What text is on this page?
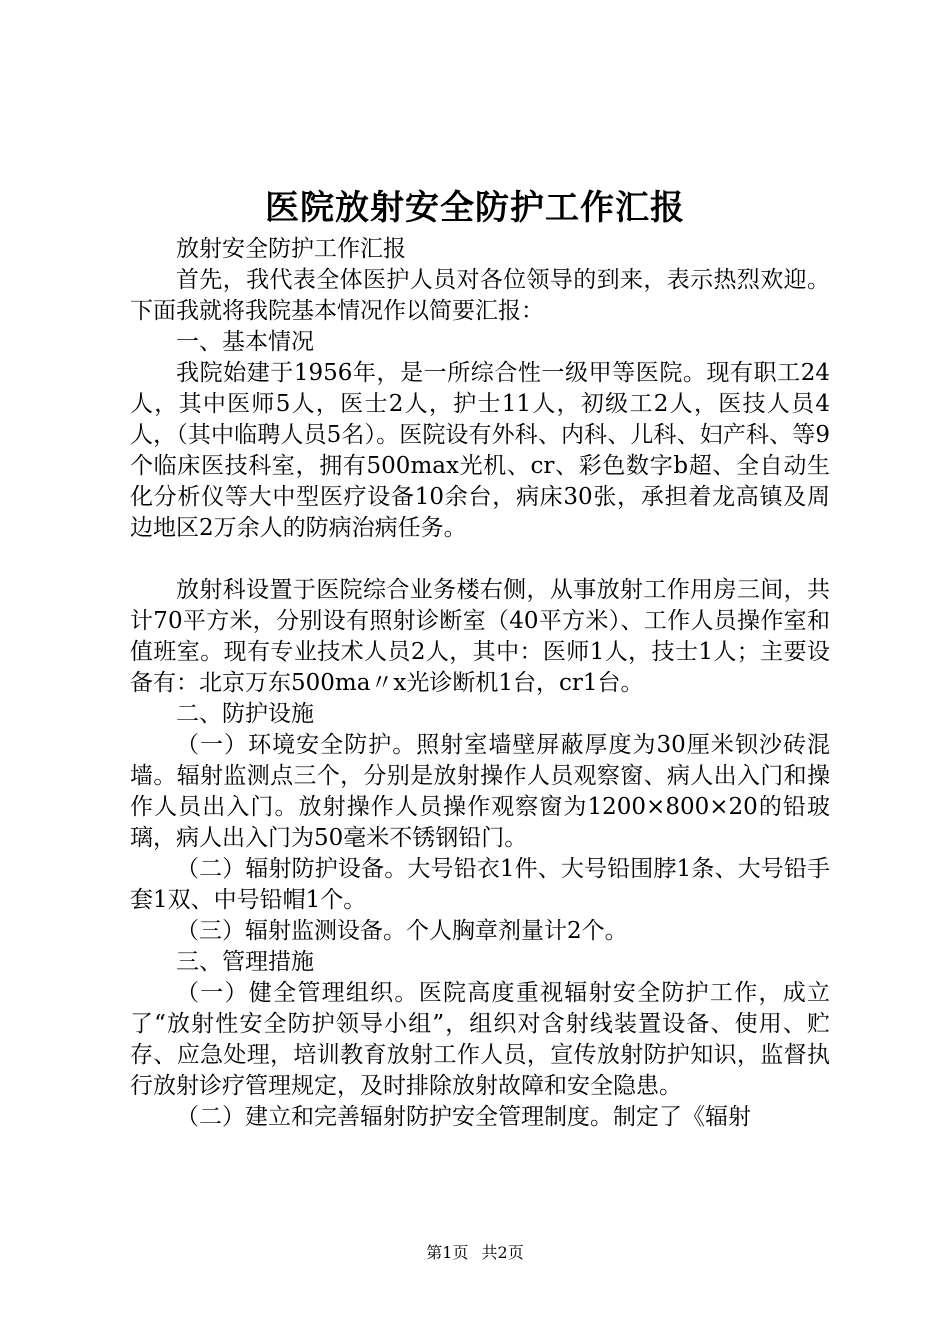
医院放射安全防护工作汇报

放射安全防护工作汇报

首先，我代表全体医护人员对各位领导的到来，表示热烈欢迎。下面我就将我院基本情况作以简要汇报：

一、基本情况

我院始建于1956年，是一所综合性一级甲等医院。现有职工24人，其中医师5人，医士2人，护士11人，初级工2人，医技人员4人，（其中临聘人员5名）。医院设有外科、内科、儿科、妇产科、等9个临床医技科室，拥有500max光机、cr、彩色数字b超、全自动生化分析仪等大中型医疗设备10余台，病床30张，承担着龙高镇及周边地区2万余人的防病治病任务。

放射科设置于医院综合业务楼右侧，从事放射工作用房三间，共计70平方米，分别设有照射诊断室（40平方米）、工作人员操作室和值班室。现有专业技术人员2人，其中：医师1人，技士1人；主要设备有：北京万东500ma〃x光诊断机1台，cr1台。

二、防护设施

（一）环境安全防护。照射室墙壁屏蔽厚度为30厘米钡沙砖混墙。辐射监测点三个，分别是放射操作人员观察窗、病人出入门和操作人员出入门。放射操作人员操作观察窗为1200×800×20的铅玻璃，病人出入门为50毫米不锈钢铅门。

（二）辐射防护设备。大号铅衣1件、大号铅围脖1条、大号铅手套1双、中号铅帽1个。

（三）辐射监测设备。个人胸章剂量计2个。

三、管理措施

（一）健全管理组织。医院高度重视辐射安全防护工作，成立了“放射性安全防护领导小组”，组织对含射线装置设备、使用、贮存、应急处理，培训教育放射工作人员，宣传放射防护知识，监督执行放射诊疗管理规定，及时排除放射故障和安全隐患。

（二）建立和完善辐射防护安全管理制度。制定了《辐射

第1页 共2页
